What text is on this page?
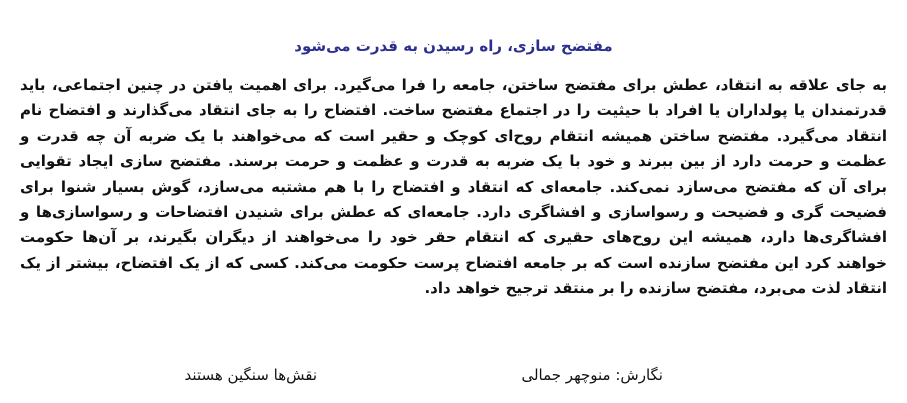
مفتضح سازی، راه رسیدن به قدرت می‌شود

به جای علاقه به انتقاد، عطش برای مفتضح ساختن، جامعه را فرا می‌گیرد. برای اهمیت یافتن در چنین اجتماعی، باید قدرتمندان یا پولداران یا افراد با حیثیت را در اجتماع مفتضح ساخت. افتضاح را به جای انتقاد می‌گذارند و افتضاح نام انتقاد می‌گیرد. مفتضح ساختن همیشه انتقام روح‌ای کوچک و حقیر است که می‌خواهند با یک ضربه آن چه قدرت و عظمت و حرمت دارد از بین ببرند و خود با یک ضربه به قدرت و عظمت و حرمت برسند. مفتضح سازی ایجاد تقوایی برای آن که مفتضح می‌سازد نمی‌کند. جامعه‌ای که انتقاد و افتضاح را با هم مشتبه می‌سازد، گوش بسیار شنوا برای فضیحت گری و فضیحت و رسواسازی و افشاگری دارد. جامعه‌ای که عطش برای شنیدن افتضاحات و رسواسازی‌ها و افشاگری‌ها دارد، همیشه این روح‌های حقیری که انتقام حقر خود را می‌خواهند از دیگران بگیرند، بر آن‌ها حکومت خواهند کرد این مفتضح سازنده است که بر جامعه افتضاح پرست حکومت می‌کند. کسی که از یک افتضاح، بیشتر از یک انتقاد لذت می‌برد، مفتضح سازنده را بر منتقد ترجیح خواهد داد.

نگارش: منوچهر جمالی
نقش‌ها سنگین هستند
